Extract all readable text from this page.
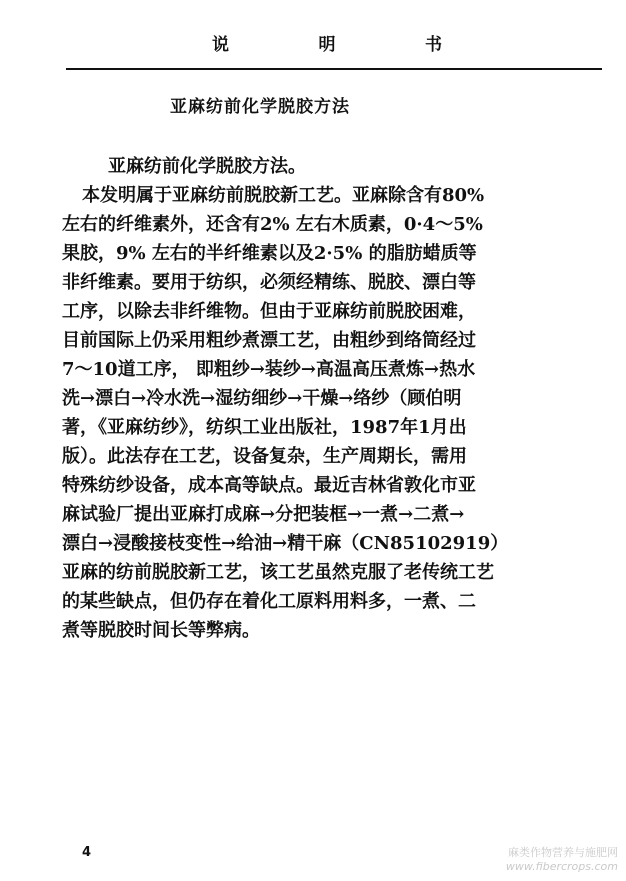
说	明	书
亚麻纺前化学脱胶方法
亚麻纺前化学脱胶方法。
本发明属于亚麻纺前脱胶新工艺。亚麻除含有80%
左右的纤维素外，还含有2% 左右木质素，0·4～5%
果胶，9% 左右的半纤维素以及2·5% 的脂肪蜡质等
非纤维素。要用于纺织，必须经精练、脱胶、漂白等
工序，以除去非纤维物。但由于亚麻纺前脱胶困难，
目前国际上仍采用粗纱煮漂工艺，由粗纱到络筒经过
7～10道工序， 即粗纱→装纱→高温高压煮炼→热水
洗→漂白→冷水洗→湿纺细纱→干燥→络纱（顾伯明
著，《亚麻纺纱》，纺织工业出版社，1987年1月出
版）。此法存在工艺，设备复杂，生产周期长，需用
特殊纺纱设备，成本高等缺点。最近吉林省敦化市亚
麻试验厂提出亚麻打成麻→分把装框→一煮→二煮→
漂白→浸酸接枝变性→给油→精干麻（CN85102919）
亚麻的纺前脱胶新工艺，该工艺虽然克服了老传统工艺
的某些缺点，但仍存在着化工原料用料多，一煮、二
煮等脱胶时间长等弊病。
4	麻类作物营养与施肥网
www.fibercrops.com
